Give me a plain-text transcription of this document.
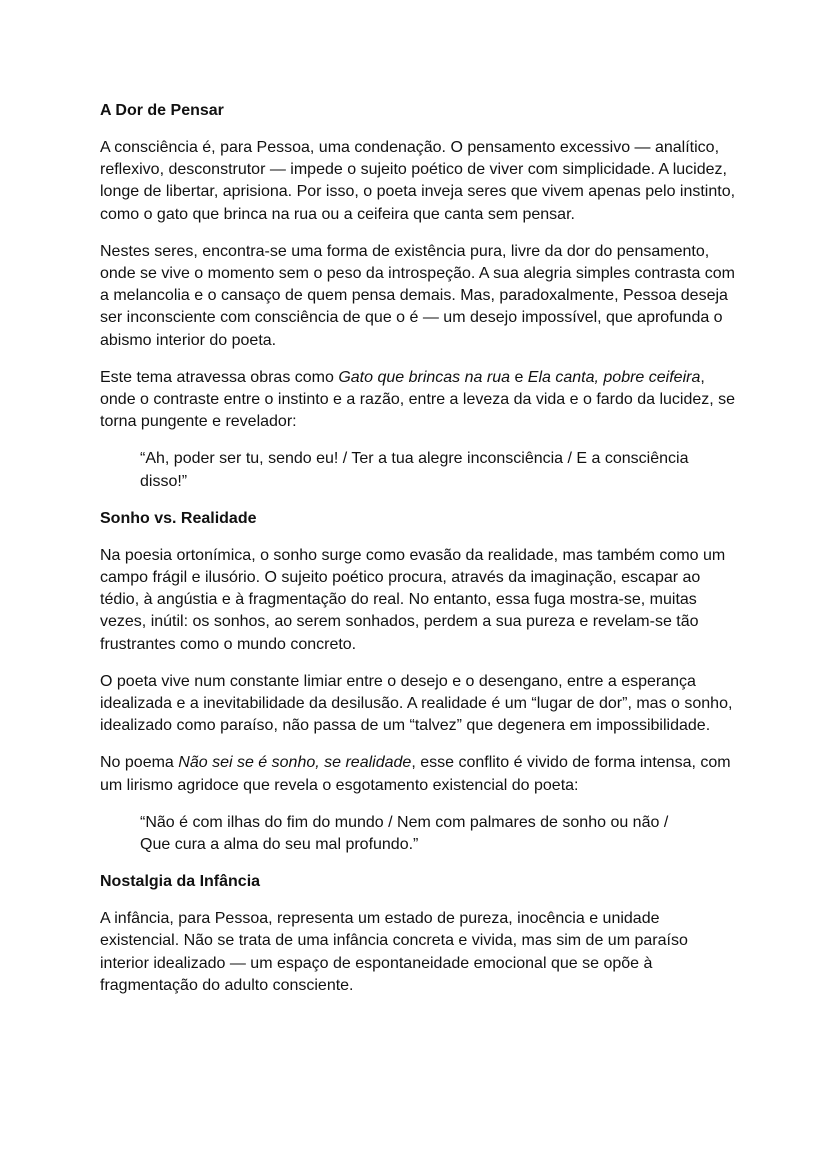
A Dor de Pensar

A consciência é, para Pessoa, uma condenação. O pensamento excessivo — analítico, reflexivo, desconstrutor — impede o sujeito poético de viver com simplicidade. A lucidez, longe de libertar, aprisiona. Por isso, o poeta inveja seres que vivem apenas pelo instinto, como o gato que brinca na rua ou a ceifeira que canta sem pensar.

Nestes seres, encontra-se uma forma de existência pura, livre da dor do pensamento, onde se vive o momento sem o peso da introspeção. A sua alegria simples contrasta com a melancolia e o cansaço de quem pensa demais. Mas, paradoxalmente, Pessoa deseja ser inconsciente com consciência de que o é — um desejo impossível, que aprofunda o abismo interior do poeta.

Este tema atravessa obras como Gato que brincas na rua e Ela canta, pobre ceifeira, onde o contraste entre o instinto e a razão, entre a leveza da vida e o fardo da lucidez, se torna pungente e revelador:

“Ah, poder ser tu, sendo eu! / Ter a tua alegre inconsciência / E a consciência disso!”

Sonho vs. Realidade

Na poesia ortonímica, o sonho surge como evasão da realidade, mas também como um campo frágil e ilusório. O sujeito poético procura, através da imaginação, escapar ao tédio, à angústia e à fragmentação do real. No entanto, essa fuga mostra-se, muitas vezes, inútil: os sonhos, ao serem sonhados, perdem a sua pureza e revelam-se tão frustrantes como o mundo concreto.

O poeta vive num constante limiar entre o desejo e o desengano, entre a esperança idealizada e a inevitabilidade da desilusão. A realidade é um “lugar de dor”, mas o sonho, idealizado como paraíso, não passa de um “talvez” que degenera em impossibilidade.

No poema Não sei se é sonho, se realidade, esse conflito é vivido de forma intensa, com um lirismo agridoce que revela o esgotamento existencial do poeta:

“Não é com ilhas do fim do mundo / Nem com palmares de sonho ou não / Que cura a alma do seu mal profundo.”

Nostalgia da Infância

A infância, para Pessoa, representa um estado de pureza, inocência e unidade existencial. Não se trata de uma infância concreta e vivida, mas sim de um paraíso interior idealizado — um espaço de espontaneidade emocional que se opõe à fragmentação do adulto consciente.
